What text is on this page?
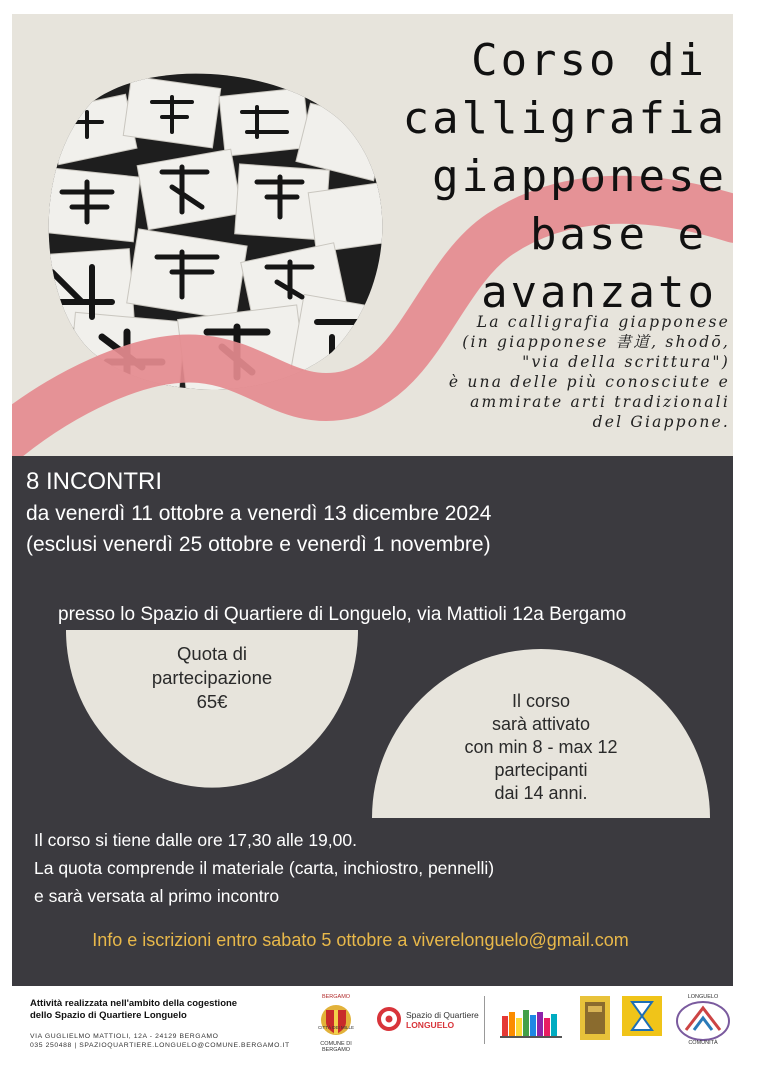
Corso di
calligrafia
giapponese
base e
avanzato
La calligrafia giapponese
(in giapponese 書道, shodō,
"via della scrittura")
è una delle più conosciute e
ammirate arti tradizionali
del Giappone.
8 INCONTRI
da venerdì 11 ottobre a venerdì 13 dicembre 2024
(esclusi venerdì 25 ottobre e venerdì 1 novembre)
presso lo Spazio di Quartiere di Longuelo, via Mattioli 12a Bergamo
Quota di
partecipazione
65€	Il corso
sarà attivato
con min 8 - max 12
partecipanti
dai 14 anni.
Il corso si tiene dalle ore 17,30 alle 19,00.
La quota comprende il materiale (carta, inchiostro, pennelli)
e sarà versata al primo incontro
Info e iscrizioni entro sabato 5 ottobre a viverelonguelo@gmail.com
Attività realizzata nell'ambito della cogestione
dello Spazio di Quartiere Longuelo
VIA GUGLIELMO MATTIOLI, 12A - 24129 BERGAMO
035 250488 | SPAZIOQUARTIERE.LONGUELO@COMUNE.BERGAMO.IT
BERGAMO
CITTÀ DEI MILLE
COMUNE DI BERGAMO
Spazio di Quartiere
LONGUELO
LONGUELO
COMUNITÀ
